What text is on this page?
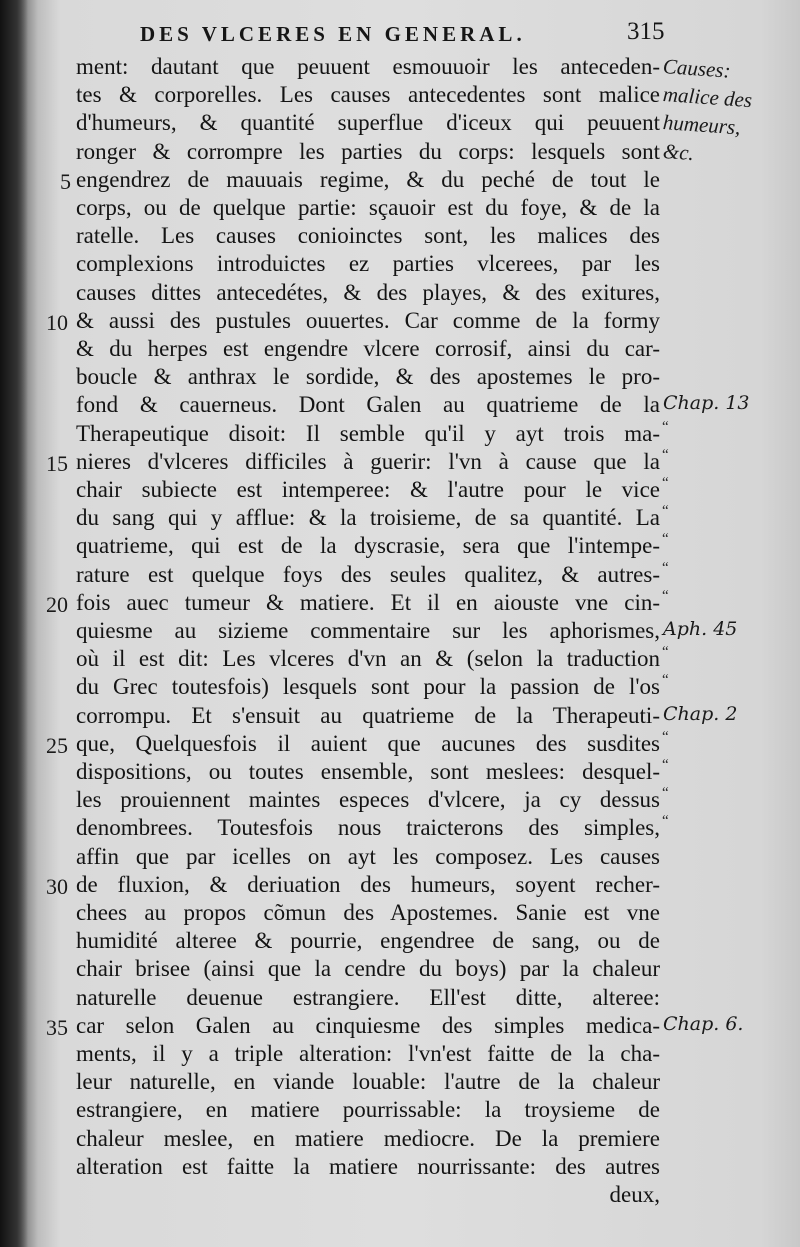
DES VLCERES EN GENERAL.	315
ment: dautant que peuuent esmouuoir les anteceden-
tes & corporelles. Les causes antecedentes sont malice
d'humeurs, & quantité superflue d'iceux qui peuuent
ronger & corrompre les parties du corps: lesquels sont
engendrez de mauuais regime, & du peché de tout le
corps, ou de quelque partie: sçauoir est du foye, & de la
ratelle. Les causes conioinctes sont, les malices des
complexions introduictes ez parties vlcerees, par les
causes dittes antecedétes, & des playes, & des exitures,
& aussi des pustules ouuertes. Car comme de la formy
& du herpes est engendre vlcere corrosif, ainsi du car-
boucle & anthrax le sordide, & des apostemes le pro-
fond & cauerneus. Dont Galen au quatrieme de la
Therapeutique disoit: Il semble qu'il y ayt trois ma-
nieres d'vlceres difficiles à guerir: l'vn à cause que la
chair subiecte est intemperee: & l'autre pour le vice
du sang qui y afflue: & la troisieme, de sa quantité. La
quatrieme, qui est de la dyscrasie, sera que l'intempe-
rature est quelque foys des seules qualitez, & autres-
fois auec tumeur & matiere. Et il en aiouste vne cin-
quiesme au sizieme commentaire sur les aphorismes,
où il est dit: Les vlceres d'vn an & (selon la traduction
du Grec toutesfois) lesquels sont pour la passion de l'os
corrompu. Et s'ensuit au quatrieme de la Therapeuti-
que, Quelquesfois il auient que aucunes des susdites
dispositions, ou toutes ensemble, sont meslees: desquel-
les prouiennent maintes especes d'vlcere, ja cy dessus
denombrees. Toutesfois nous traicterons des simples,
affin que par icelles on ayt les composez. Les causes
de fluxion, & deriuation des humeurs, soyent recher-
chees au propos cõmun des Apostemes. Sanie est vne
humidité alteree & pourrie, engendree de sang, ou de
chair brisee (ainsi que la cendre du boys) par la chaleur
naturelle deuenue estrangiere. Ell'est ditte, alteree:
car selon Galen au cinquiesme des simples medica-
ments, il y a triple alteration: l'vn'est faitte de la cha-
leur naturelle, en viande louable: l'autre de la chaleur
estrangiere, en matiere pourrissable: la troysieme de
chaleur meslee, en matiere mediocre. De la premiere
alteration est faitte la matiere nourrissante: des autres
deux,
Causes:
malice des
humeurs,
&c.
Chap. 13
Aph. 45
Chap. 2
Chap. 6.
“
“
“
“
“
“
“
“
“
“
“
“
“
5
10
15
20
25
30
35
